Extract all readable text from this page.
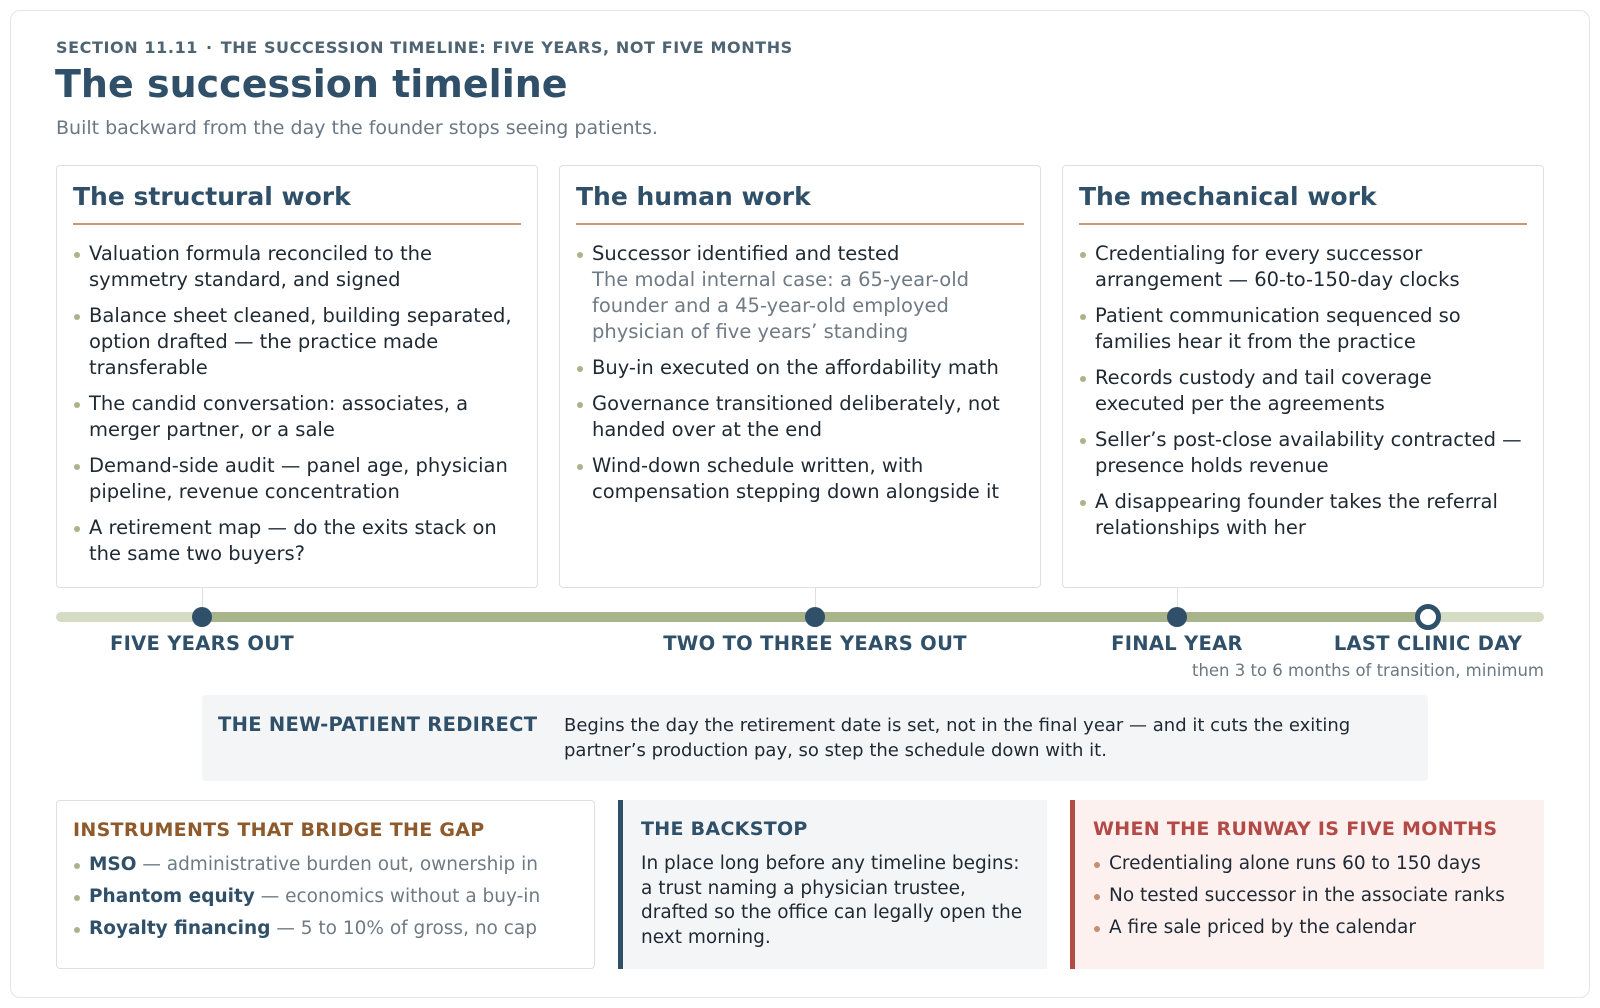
SECTION 11.11 · THE SUCCESSION TIMELINE: FIVE YEARS, NOT FIVE MONTHS
The succession timeline
Built backward from the day the founder stops seeing patients.
The structural work
Valuation formula reconciled to the symmetry standard, and signed
Balance sheet cleaned, building separated, option drafted — the practice made transferable
The candid conversation: associates, a merger partner, or a sale
Demand-side audit — panel age, physician pipeline, revenue concentration
A retirement map — do the exits stack on the same two buyers?
The human work
Successor identified and tested
The modal internal case: a 65-year-old founder and a 45-year-old employed physician of five years’ standing
Buy-in executed on the affordability math
Governance transitioned deliberately, not handed over at the end
Wind-down schedule written, with compensation stepping down alongside it
The mechanical work
Credentialing for every successor arrangement — 60-to-150-day clocks
Patient communication sequenced so families hear it from the practice
Records custody and tail coverage executed per the agreements
Seller’s post-close availability contracted — presence holds revenue
A disappearing founder takes the referral relationships with her
FIVE YEARS OUT	TWO TO THREE YEARS OUT	FINAL YEAR	LAST CLINIC DAY
then 3 to 6 months of transition, minimum
THE NEW-PATIENT REDIRECT Begins the day the retirement date is set, not in the final year — and it cuts the exiting partner’s production pay, so step the schedule down with it.
INSTRUMENTS THAT BRIDGE THE GAP
MSO — administrative burden out, ownership in
Phantom equity — economics without a buy-in
Royalty financing — 5 to 10% of gross, no cap
THE BACKSTOP

In place long before any timeline begins: a trust naming a physician trustee, drafted so the office can legally open the next morning.

WHEN THE RUNWAY IS FIVE MONTHS
Credentialing alone runs 60 to 150 days
No tested successor in the associate ranks
A fire sale priced by the calendar
